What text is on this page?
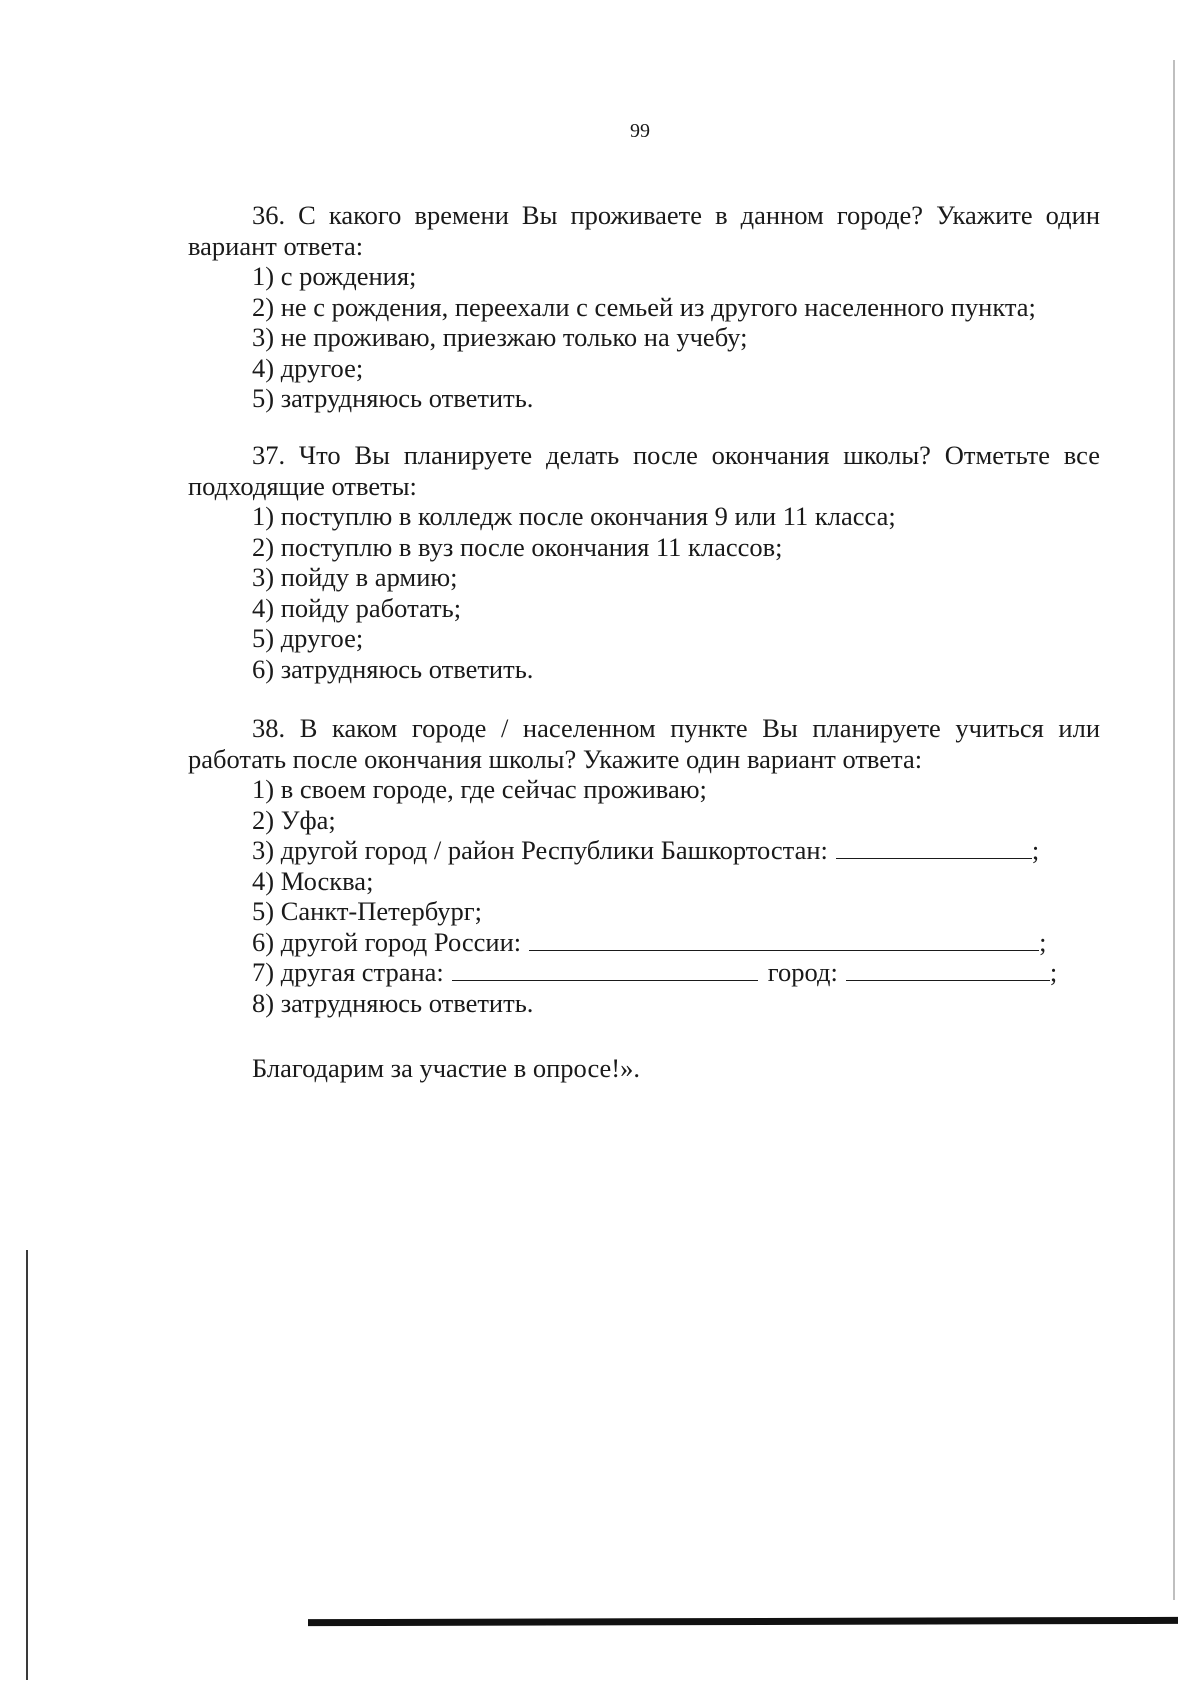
99

36. С какого времени Вы проживаете в данном городе? Укажите один вариант ответа:

1) с рождения;
2) не с рождения, переехали с семьей из другого населенного пункта;
3) не проживаю, приезжаю только на учебу;
4) другое;
5) затрудняюсь ответить.

37. Что Вы планируете делать после окончания школы? Отметьте все подходящие ответы:

1) поступлю в колледж после окончания 9 или 11 класса;
2) поступлю в вуз после окончания 11 классов;
3) пойду в армию;
4) пойду работать;
5) другое;
6) затрудняюсь ответить.

38. В каком городе / населенном пункте Вы планируете учиться или работать после окончания школы? Укажите один вариант ответа:

1) в своем городе, где сейчас проживаю;
2) Уфа;
3) другой город / район Республики Башкортостан:	;
4) Москва;
5) Санкт-Петербург;
6) другой город России:	;
7) другая страна:	город:	;
8) затрудняюсь ответить.

Благодарим за участие в опросе!».
